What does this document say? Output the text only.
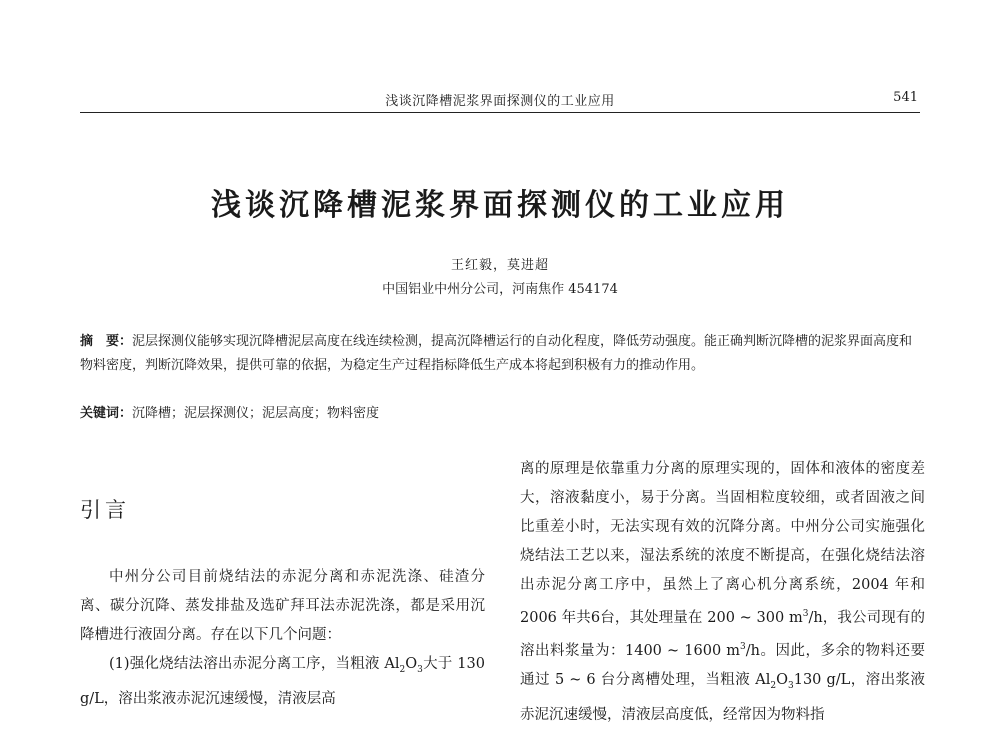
浅谈沉降槽泥浆界面探测仪的工业应用	541
浅谈沉降槽泥浆界面探测仪的工业应用
王红毅，莫进超
中国铝业中州分公司，河南焦作 454174
摘　要：泥层探测仪能够实现沉降槽泥层高度在线连续检测，提高沉降槽运行的自动化程度，降低劳动强度。能正确判断沉降槽的泥浆界面高度和物料密度，判断沉降效果，提供可靠的依据，为稳定生产过程指标降低生产成本将起到积极有力的推动作用。
关键词：沉降槽；泥层探测仪；泥层高度；物料密度
引言

中州分公司目前烧结法的赤泥分离和赤泥洗涤、硅渣分离、碳分沉降、蒸发排盐及选矿拜耳法赤泥洗涤，都是采用沉降槽进行液固分离。存在以下几个问题：

(1)强化烧结法溶出赤泥分离工序，当粗液 $Al_2O_3$大于 130 g/L，溶出浆液赤泥沉速缓慢，清液层高

离的原理是依靠重力分离的原理实现的，固体和液体的密度差大，溶液黏度小，易于分离。当固相粒度较细，或者固液之间比重差小时，无法实现有效的沉降分离。中州分公司实施强化烧结法工艺以来，湿法系统的浓度不断提高，在强化烧结法溶出赤泥分离工序中，虽然上了离心机分离系统，2004 年和2006 年共6台，其处理量在 200 ~ 300 $m^3/h$，我公司现有的溶出料浆量为：1400 ~ 1600 $m^3/h$。因此，多余的物料还要通过 5 ~ 6 台分离槽处理，当粗液 $Al_2O_3130$ g/L，溶出浆液赤泥沉速缓慢，清液层高度低，经常因为物料指
